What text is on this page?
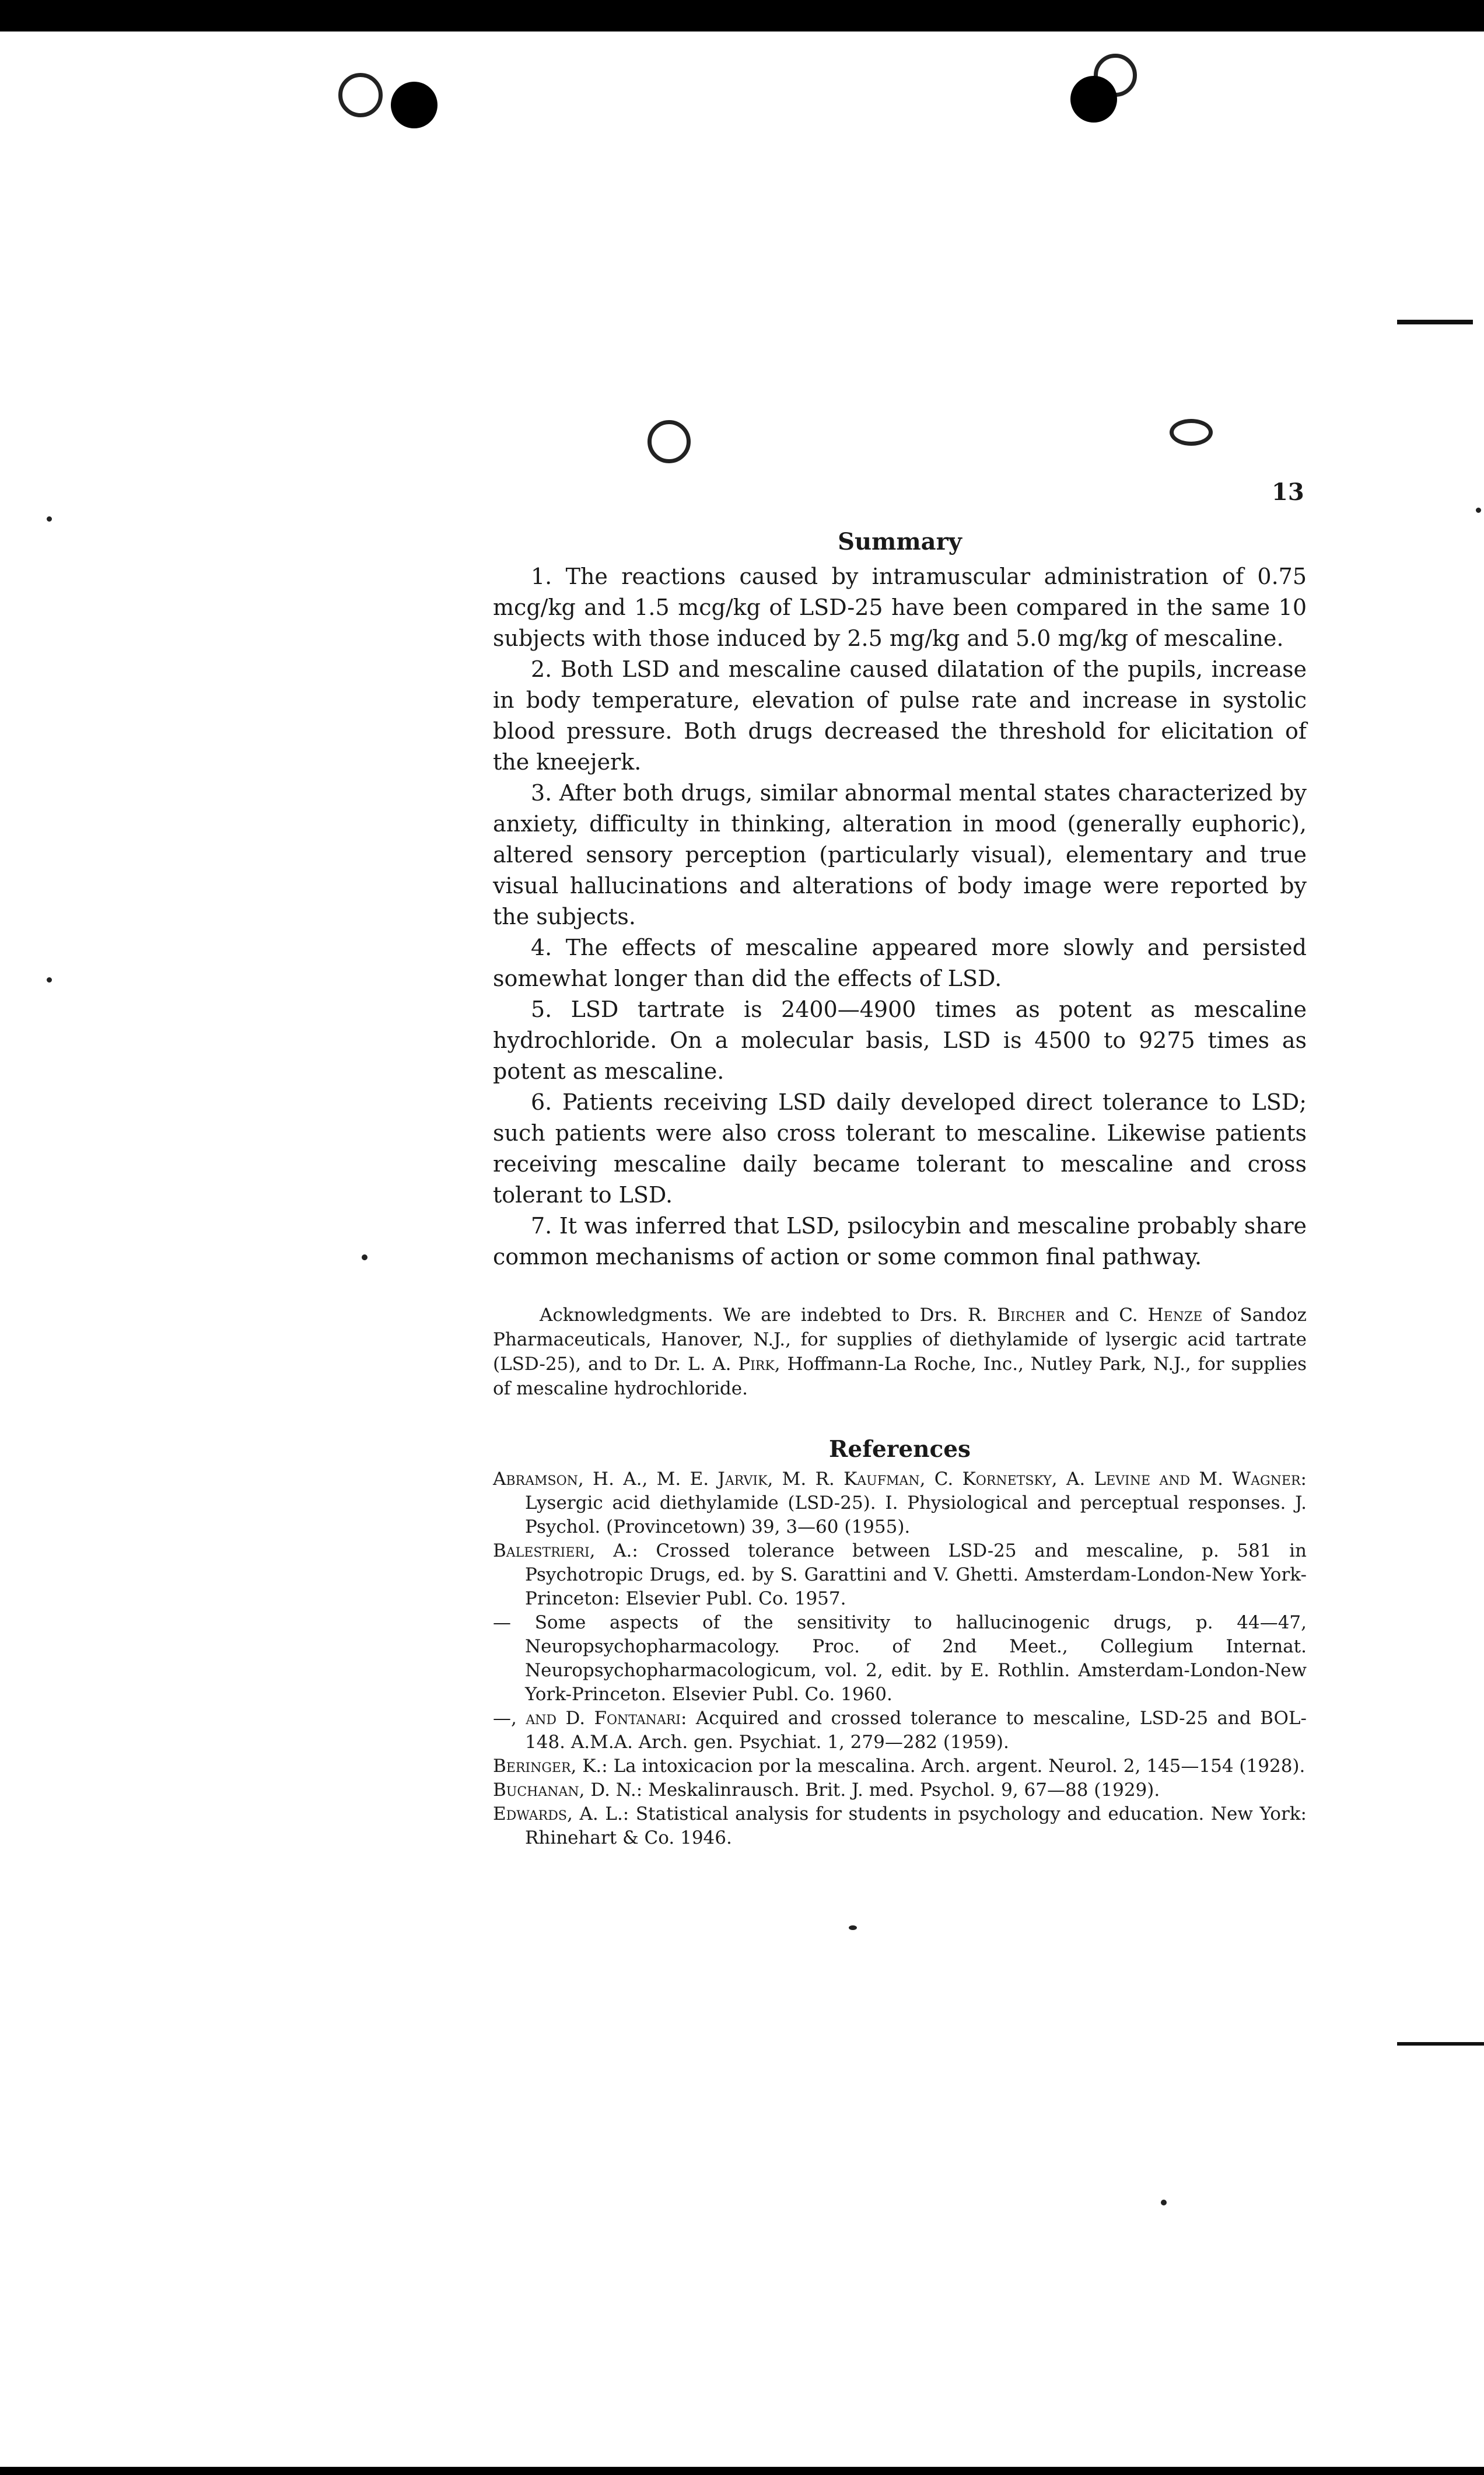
13
Summary

1. The reactions caused by intramuscular administration of 0.75 mcg/kg and 1.5 mcg/kg of LSD-25 have been compared in the same 10 subjects with those induced by 2.5 mg/kg and 5.0 mg/kg of mescaline.

2. Both LSD and mescaline caused dilatation of the pupils, increase in body temperature, elevation of pulse rate and increase in systolic blood pressure. Both drugs decreased the threshold for elicitation of the kneejerk.

3. After both drugs, similar abnormal mental states characterized by anxiety, difficulty in thinking, alteration in mood (generally euphoric), altered sensory perception (particularly visual), elementary and true visual hallucinations and alterations of body image were reported by the subjects.

4. The effects of mescaline appeared more slowly and persisted somewhat longer than did the effects of LSD.

5. LSD tartrate is 2400—4900 times as potent as mescaline hydrochloride. On a molecular basis, LSD is 4500 to 9275 times as potent as mescaline.

6. Patients receiving LSD daily developed direct tolerance to LSD; such patients were also cross tolerant to mescaline. Likewise patients receiving mescaline daily became tolerant to mescaline and cross tolerant to LSD.

7. It was inferred that LSD, psilocybin and mescaline probably share common mechanisms of action or some common final pathway.

Acknowledgments. We are indebted to Drs. R. Bircher and C. Henze of Sandoz Pharmaceuticals, Hanover, N.J., for supplies of diethylamide of lysergic acid tartrate (LSD-25), and to Dr. L. A. Pirk, Hoffmann-La Roche, Inc., Nutley Park, N.J., for supplies of mescaline hydrochloride.

References

Abramson, H. A., M. E. Jarvik, M. R. Kaufman, C. Kornetsky, A. Levine and M. Wagner: Lysergic acid diethylamide (LSD-25). I. Physiological and perceptual responses. J. Psychol. (Provincetown) 39, 3—60 (1955).

Balestrieri, A.: Crossed tolerance between LSD-25 and mescaline, p. 581 in Psychotropic Drugs, ed. by S. Garattini and V. Ghetti. Amsterdam-London-New York-Princeton: Elsevier Publ. Co. 1957.

— Some aspects of the sensitivity to hallucinogenic drugs, p. 44—47, Neuropsychopharmacology. Proc. of 2nd Meet., Collegium Internat. Neuropsychopharmacologicum, vol. 2, edit. by E. Rothlin. Amsterdam-London-New York-Princeton. Elsevier Publ. Co. 1960.

—, and D. Fontanari: Acquired and crossed tolerance to mescaline, LSD-25 and BOL-148. A.M.A. Arch. gen. Psychiat. 1, 279—282 (1959).

Beringer, K.: La intoxicacion por la mescalina. Arch. argent. Neurol. 2, 145—154 (1928).

Buchanan, D. N.: Meskalinrausch. Brit. J. med. Psychol. 9, 67—88 (1929).

Edwards, A. L.: Statistical analysis for students in psychology and education. New York: Rhinehart & Co. 1946.
